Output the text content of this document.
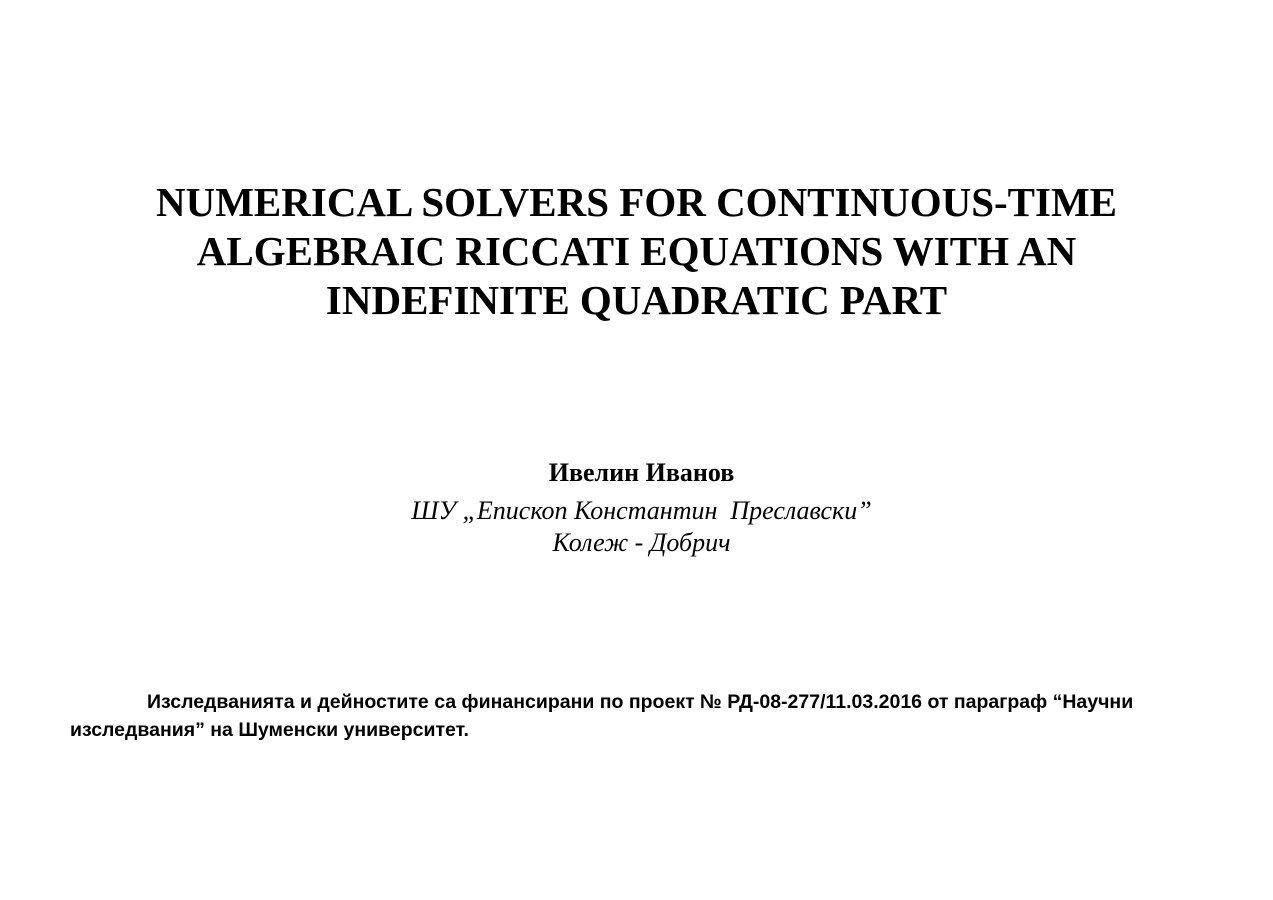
NUMERICAL SOLVERS FOR CONTINUOUS-TIME
ALGEBRAIC RICCATI EQUATIONS WITH AN
INDEFINITE QUADRATIC PART
Ивелин Иванов
ШУ „Епископ Константин  Преславски”
Колеж - Добрич
Изследванията и дейностите са финансирани по проект № РД-08-277/11.03.2016 от параграф “Научни
изследвания” на Шуменски университет.
